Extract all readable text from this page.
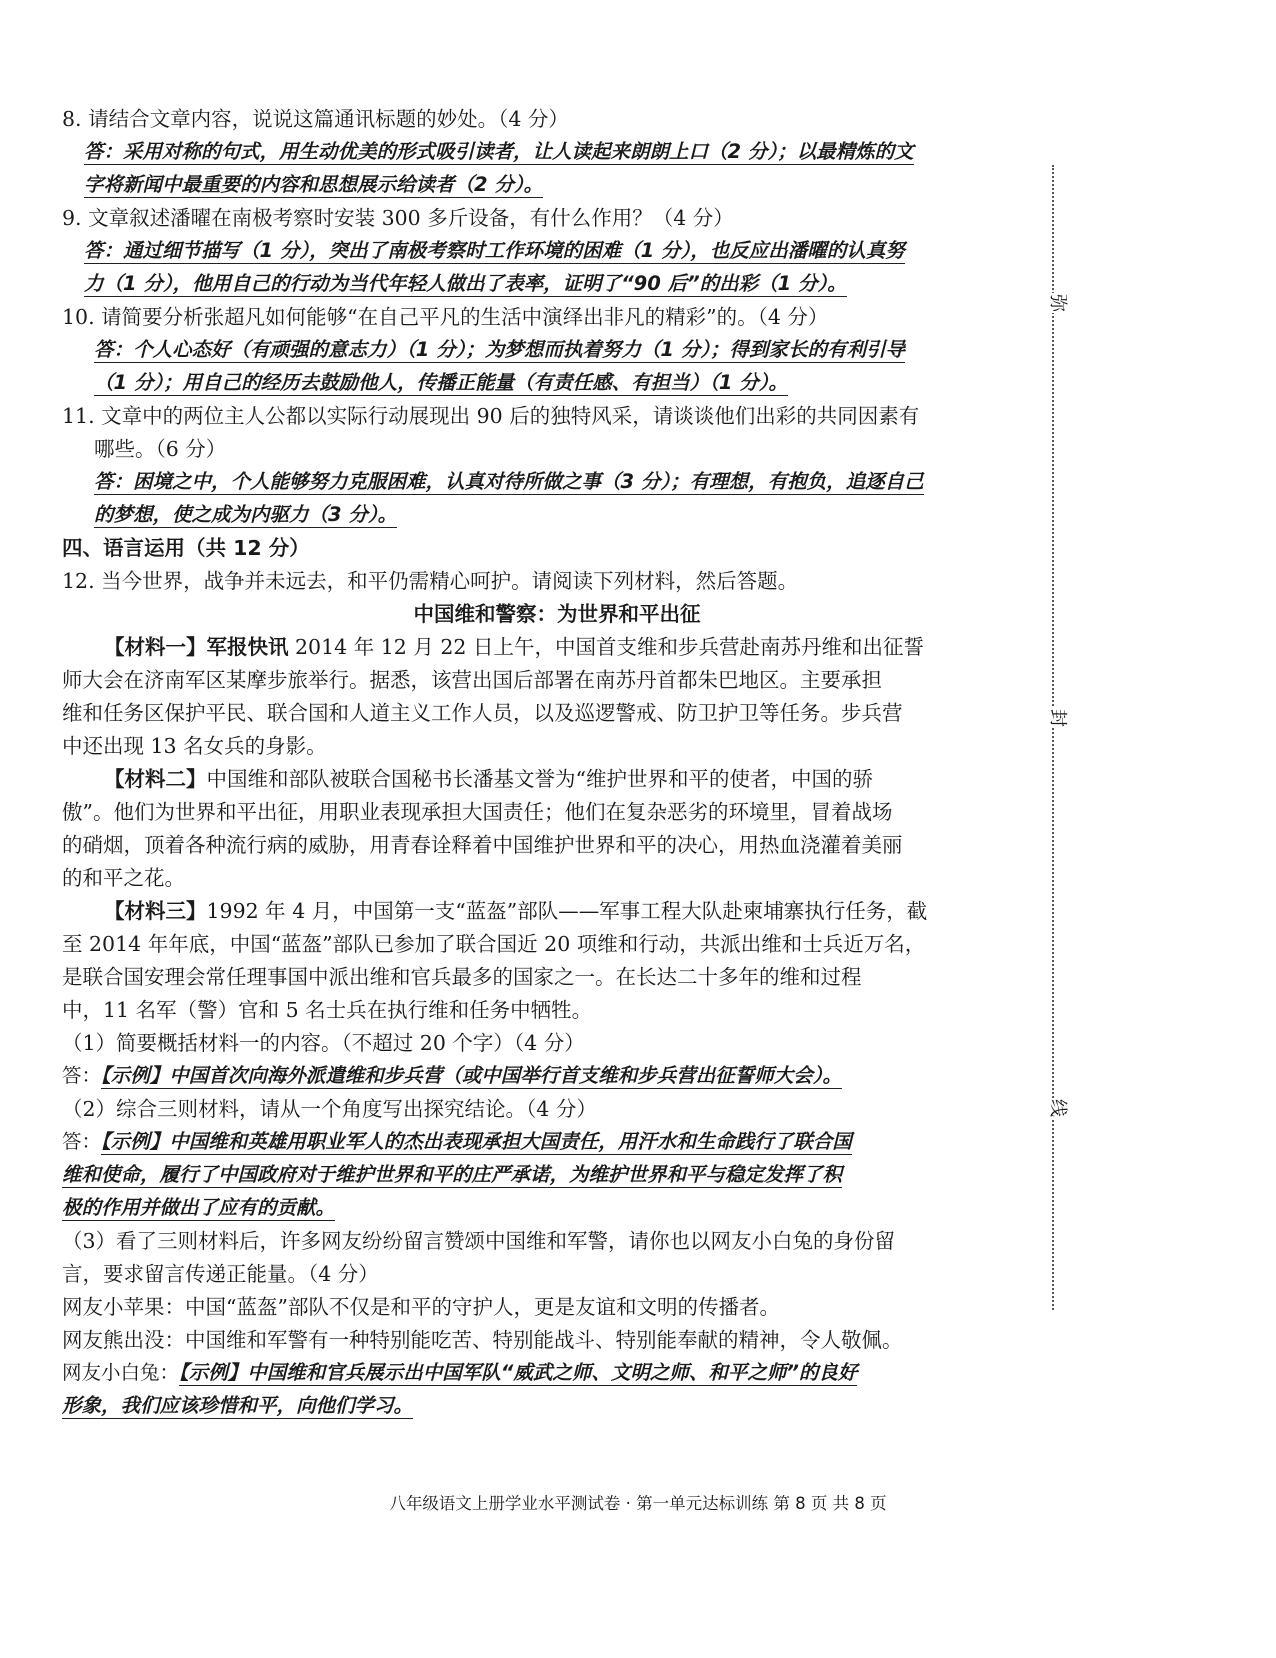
8. 请结合文章内容，说说这篇通讯标题的妙处。（4 分）
答：采用对称的句式，用生动优美的形式吸引读者，让人读起来朗朗上口（2 分）；以最精炼的文
字将新闻中最重要的内容和思想展示给读者（2 分）。
9. 文章叙述潘曜在南极考察时安装 300 多斤设备，有什么作用？（4 分）
答：通过细节描写（1 分），突出了南极考察时工作环境的困难（1 分），也反应出潘曜的认真努
力（1 分），他用自己的行动为当代年轻人做出了表率，证明了“90 后”的出彩（1 分）。
10. 请简要分析张超凡如何能够“在自己平凡的生活中演绎出非凡的精彩”的。（4 分）
答：个人心态好（有顽强的意志力）（1 分）；为梦想而执着努力（1 分）；得到家长的有利引导
（1 分）；用自己的经历去鼓励他人，传播正能量（有责任感、有担当）（1 分）。
11. 文章中的两位主人公都以实际行动展现出 90 后的独特风采，请谈谈他们出彩的共同因素有
哪些。（6 分）
答：困境之中，个人能够努力克服困难，认真对待所做之事（3 分）；有理想，有抱负，追逐自己
的梦想，使之成为内驱力（3 分）。
四、语言运用（共 12 分）
12. 当今世界，战争并未远去，和平仍需精心呵护。请阅读下列材料，然后答题。
中国维和警察：为世界和平出征
【材料一】军报快讯 2014 年 12 月 22 日上午，中国首支维和步兵营赴南苏丹维和出征誓
师大会在济南军区某摩步旅举行。据悉，该营出国后部署在南苏丹首都朱巴地区。主要承担
维和任务区保护平民、联合国和人道主义工作人员，以及巡逻警戒、防卫护卫等任务。步兵营
中还出现 13 名女兵的身影。
【材料二】中国维和部队被联合国秘书长潘基文誉为“维护世界和平的使者，中国的骄
傲”。他们为世界和平出征，用职业表现承担大国责任；他们在复杂恶劣的环境里，冒着战场
的硝烟，顶着各种流行病的威胁，用青春诠释着中国维护世界和平的决心，用热血浇灌着美丽
的和平之花。
【材料三】1992 年 4 月，中国第一支“蓝盔”部队——军事工程大队赴柬埔寨执行任务，截
至 2014 年年底，中国“蓝盔”部队已参加了联合国近 20 项维和行动，共派出维和士兵近万名，
是联合国安理会常任理事国中派出维和官兵最多的国家之一。在长达二十多年的维和过程
中，11 名军（警）官和 5 名士兵在执行维和任务中牺牲。
（1）简要概括材料一的内容。（不超过 20 个字）（4 分）
答：【示例】中国首次向海外派遣维和步兵营（或中国举行首支维和步兵营出征誓师大会）。
（2）综合三则材料，请从一个角度写出探究结论。（4 分）
答：【示例】中国维和英雄用职业军人的杰出表现承担大国责任，用汗水和生命践行了联合国
维和使命，履行了中国政府对于维护世界和平的庄严承诺，为维护世界和平与稳定发挥了积
极的作用并做出了应有的贡献。
（3）看了三则材料后，许多网友纷纷留言赞颂中国维和军警，请你也以网友小白兔的身份留
言，要求留言传递正能量。（4 分）
网友小苹果：中国“蓝盔”部队不仅是和平的守护人，更是友谊和文明的传播者。
网友熊出没：中国维和军警有一种特别能吃苦、特别能战斗、特别能奉献的精神，令人敬佩。
网友小白兔：【示例】中国维和官兵展示出中国军队“威武之师、文明之师、和平之师”的良好
形象，我们应该珍惜和平，向他们学习。
弥
封
线
八年级语文上册学业水平测试卷 · 第一单元达标训练 第 8 页 共 8 页
